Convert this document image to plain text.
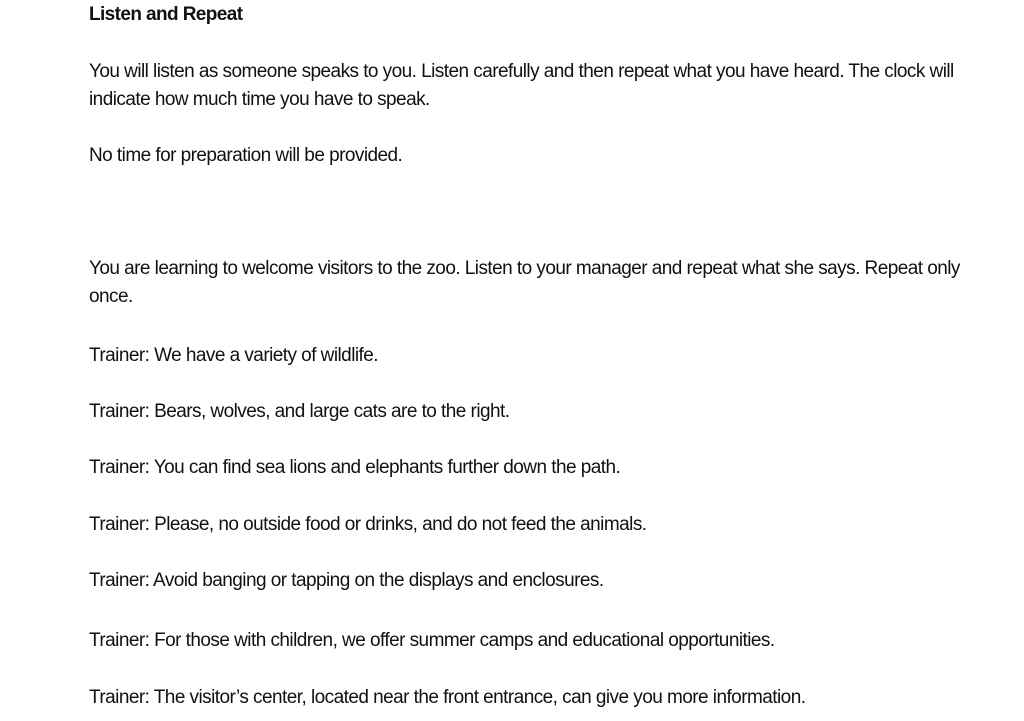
Listen and Repeat

You will listen as someone speaks to you. Listen carefully and then repeat what you have heard. The clock will indicate how much time you have to speak.

No time for preparation will be provided.

You are learning to welcome visitors to the zoo. Listen to your manager and repeat what she says. Repeat only once.

Trainer: We have a variety of wildlife.

Trainer: Bears, wolves, and large cats are to the right.

Trainer: You can find sea lions and elephants further down the path.

Trainer: Please, no outside food or drinks, and do not feed the animals.

Trainer: Avoid banging or tapping on the displays and enclosures.

Trainer: For those with children, we offer summer camps and educational opportunities.

Trainer: The visitor’s center, located near the front entrance, can give you more information.
